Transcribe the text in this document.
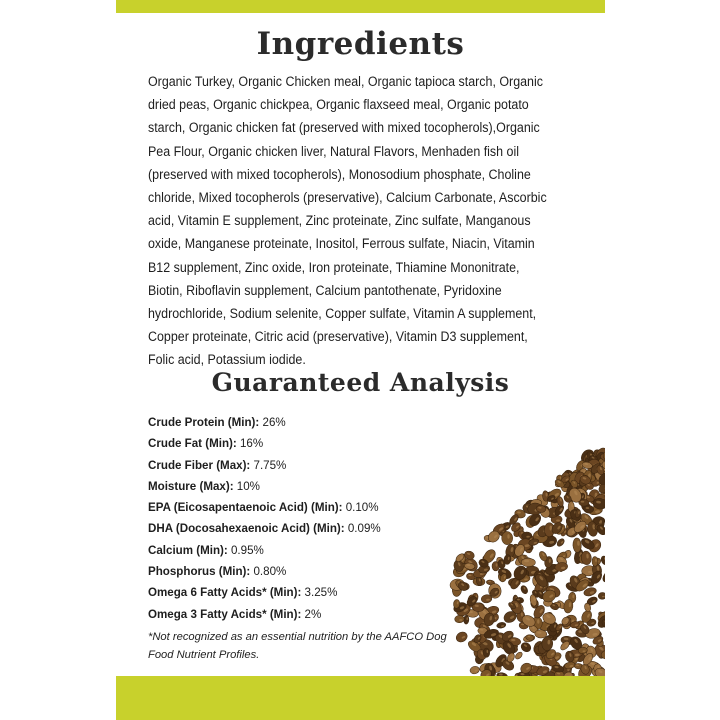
Ingredients

Organic Turkey, Organic Chicken meal, Organic tapioca starch, Organic dried peas, Organic chickpea, Organic flaxseed meal, Organic potato starch, Organic chicken fat (preserved with mixed tocopherols),Organic Pea Flour, Organic chicken liver, Natural Flavors, Menhaden fish oil (preserved with mixed tocopherols), Monosodium phosphate, Choline chloride, Mixed tocopherols (preservative), Calcium Carbonate, Ascorbic acid, Vitamin E supplement, Zinc proteinate, Zinc sulfate, Manganous oxide, Manganese proteinate, Inositol, Ferrous sulfate, Niacin, Vitamin B12 supplement, Zinc oxide, Iron proteinate, Thiamine Mononitrate, Biotin, Riboflavin supplement, Calcium pantothenate, Pyridoxine hydrochloride, Sodium selenite, Copper sulfate, Vitamin A supplement, Copper proteinate, Citric acid (preservative), Vitamin D3 supplement, Folic acid, Potassium iodide.

Guaranteed Analysis
Crude Protein (Min): 26%
Crude Fat (Min): 16%
Crude Fiber (Max): 7.75%
Moisture (Max): 10%
EPA (Eicosapentaenoic Acid) (Min): 0.10%
DHA (Docosahexaenoic Acid) (Min): 0.09%
Calcium (Min): 0.95%
Phosphorus (Min): 0.80%
Omega 6 Fatty Acids* (Min): 3.25%
Omega 3 Fatty Acids* (Min): 2%

*Not recognized as an essential nutrition by the AAFCO Dog Food Nutrient Profiles.
